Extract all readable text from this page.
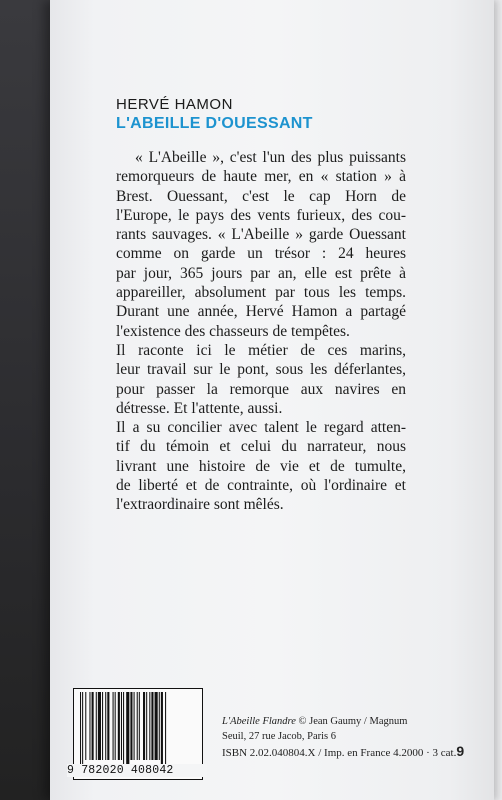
HERVÉ HAMON
L'ABEILLE D'OUESSANT
« L'Abeille », c'est l'un des plus puissants
remorqueurs de haute mer, en « station » à
Brest. Ouessant, c'est le cap Horn de
l'Europe, le pays des vents furieux, des cou-
rants sauvages. « L'Abeille » garde Ouessant
comme on garde un trésor : 24 heures
par jour, 365 jours par an, elle est prête à
appareiller, absolument par tous les temps.
Durant une année, Hervé Hamon a partagé
l'existence des chasseurs de tempêtes.
Il raconte ici le métier de ces marins,
leur travail sur le pont, sous les déferlantes,
pour passer la remorque aux navires en
détresse. Et l'attente, aussi.
Il a su concilier avec talent le regard atten-
tif du témoin et celui du narrateur, nous
livrant une histoire de vie et de tumulte,
de liberté et de contrainte, où l'ordinaire et
l'extraordinaire sont mêlés.
9 782020 408042
L'Abeille Flandre © Jean Gaumy / Magnum
Seuil, 27 rue Jacob, Paris 6
ISBN 2.02.040804.X / Imp. en France 4.2000 · 3 cat.9
